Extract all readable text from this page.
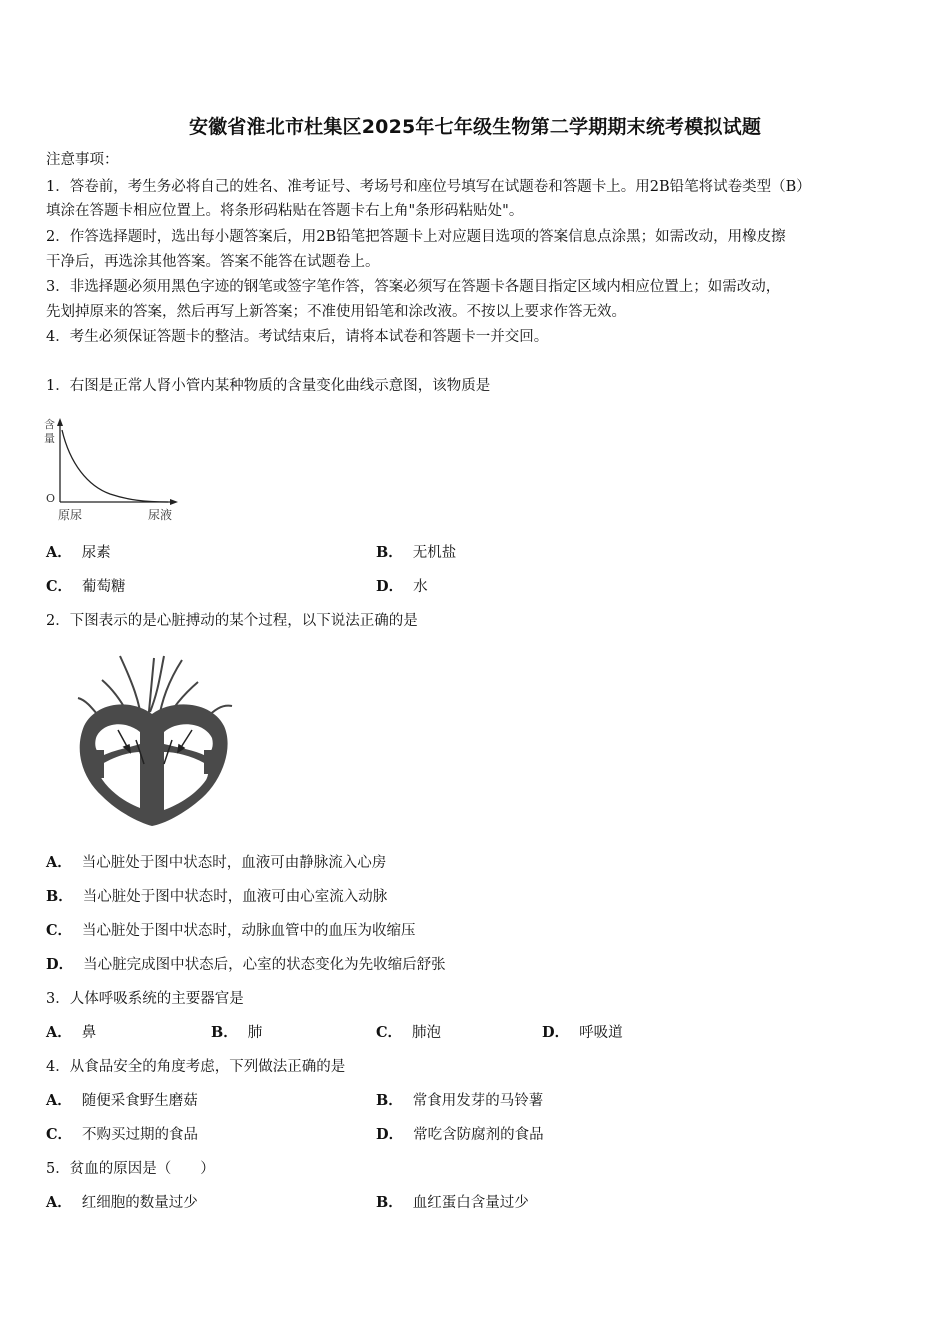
安徽省淮北市杜集区2025年七年级生物第二学期期末统考模拟试题
注意事项：
1．答卷前，考生务必将自己的姓名、准考证号、考场号和座位号填写在试题卷和答题卡上。用2B铅笔将试卷类型（B）
填涂在答题卡相应位置上。将条形码粘贴在答题卡右上角"条形码粘贴处"。
2．作答选择题时，选出每小题答案后，用2B铅笔把答题卡上对应题目选项的答案信息点涂黑；如需改动，用橡皮擦
干净后，再选涂其他答案。答案不能答在试题卷上。
3．非选择题必须用黑色字迹的钢笔或签字笔作答，答案必须写在答题卡各题目指定区域内相应位置上；如需改动，
先划掉原来的答案，然后再写上新答案；不准使用铅笔和涂改液。不按以上要求作答无效。
4．考生必须保证答题卡的整洁。考试结束后，请将本试卷和答题卡一并交回。
1．右图是正常人肾小管内某种物质的含量变化曲线示意图，该物质是
含
量
O
原尿	尿液
A． 尿素	B． 无机盐
C． 葡萄糖	D． 水
2．下图表示的是心脏搏动的某个过程，以下说法正确的是
A． 当心脏处于图中状态时，血液可由静脉流入心房
B． 当心脏处于图中状态时，血液可由心室流入动脉
C． 当心脏处于图中状态时，动脉血管中的血压为收缩压
D． 当心脏完成图中状态后，心室的状态变化为先收缩后舒张
3．人体呼吸系统的主要器官是
A． 鼻	B． 肺	C． 肺泡	D． 呼吸道
4．从食品安全的角度考虑，下列做法正确的是
A． 随便采食野生磨菇	B． 常食用发芽的马铃薯
C． 不购买过期的食品	D． 常吃含防腐剂的食品
5．贫血的原因是（　　）
A． 红细胞的数量过少	B． 血红蛋白含量过少
